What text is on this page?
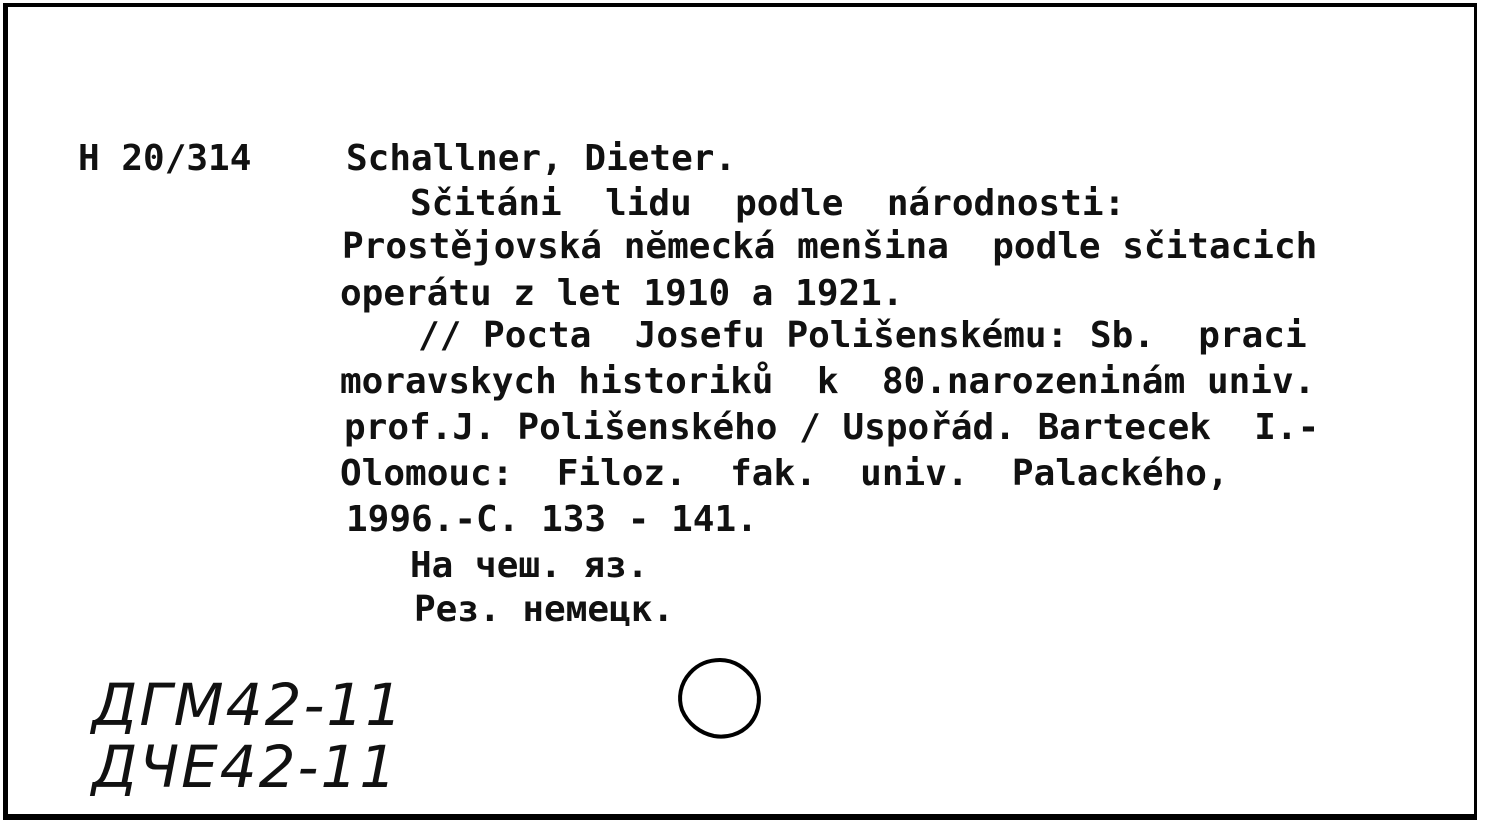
H 20/314	Schallner, Dieter.
Sčitáni  lidu  podle  národnosti:
Prostějovská nĕmecká menšina  podle sčitacich
operátu z let 1910 a 1921.
// Pocta  Josefu Polišenskému: Sb.  praci
moravskych historiků  k  80.narozeninám univ.
prof.J. Polišenského / Uspořád. Bartecek  I.-
Olomouc:  Filoz.  fak.  univ.  Palackého,
1996.-C. 133 - 141.
На чеш. яз.
Рез. немецк.
ДГМ42-11
ДЧЕ42-11
